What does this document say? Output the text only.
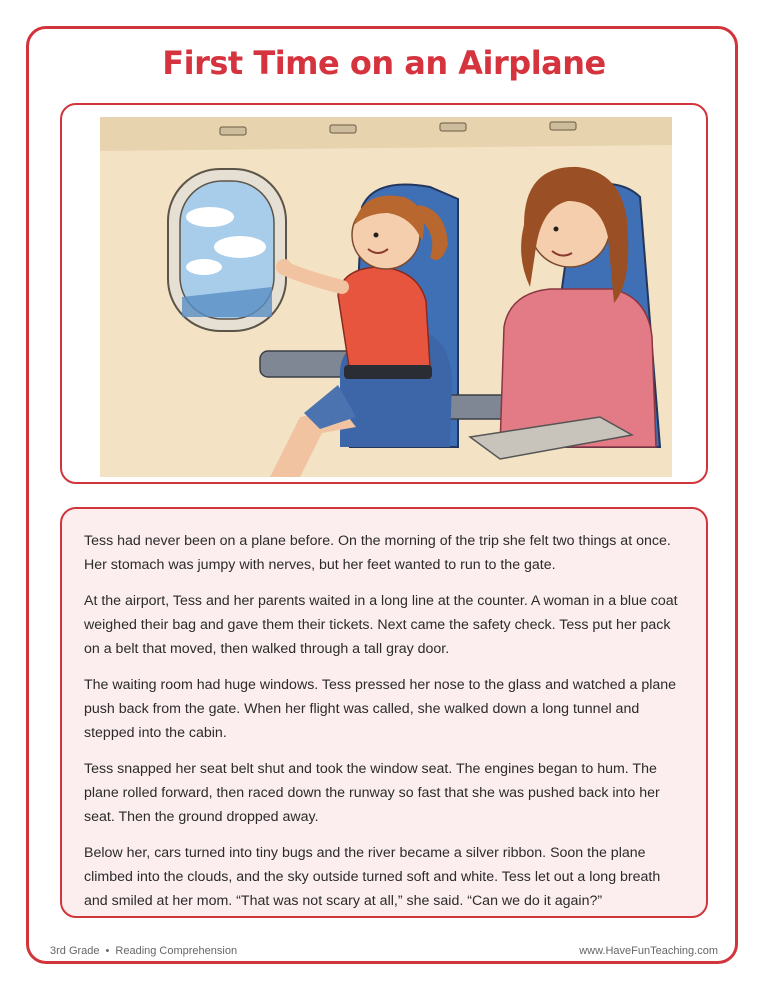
First Time on an Airplane

Tess had never been on a plane before. On the morning of the trip she felt two things at once. Her stomach was jumpy with nerves, but her feet wanted to run to the gate.

At the airport, Tess and her parents waited in a long line at the counter. A woman in a blue coat weighed their bag and gave them their tickets. Next came the safety check. Tess put her pack on a belt that moved, then walked through a tall gray door.

The waiting room had huge windows. Tess pressed her nose to the glass and watched a plane push back from the gate. When her flight was called, she walked down a long tunnel and stepped into the cabin.

Tess snapped her seat belt shut and took the window seat. The engines began to hum. The plane rolled forward, then raced down the runway so fast that she was pushed back into her seat. Then the ground dropped away.

Below her, cars turned into tiny bugs and the river became a silver ribbon. Soon the plane climbed into the clouds, and the sky outside turned soft and white. Tess let out a long breath and smiled at her mom. “That was not scary at all,” she said. “Can we do it again?”

3rd Grade • Reading Comprehension	www.HaveFunTeaching.com
